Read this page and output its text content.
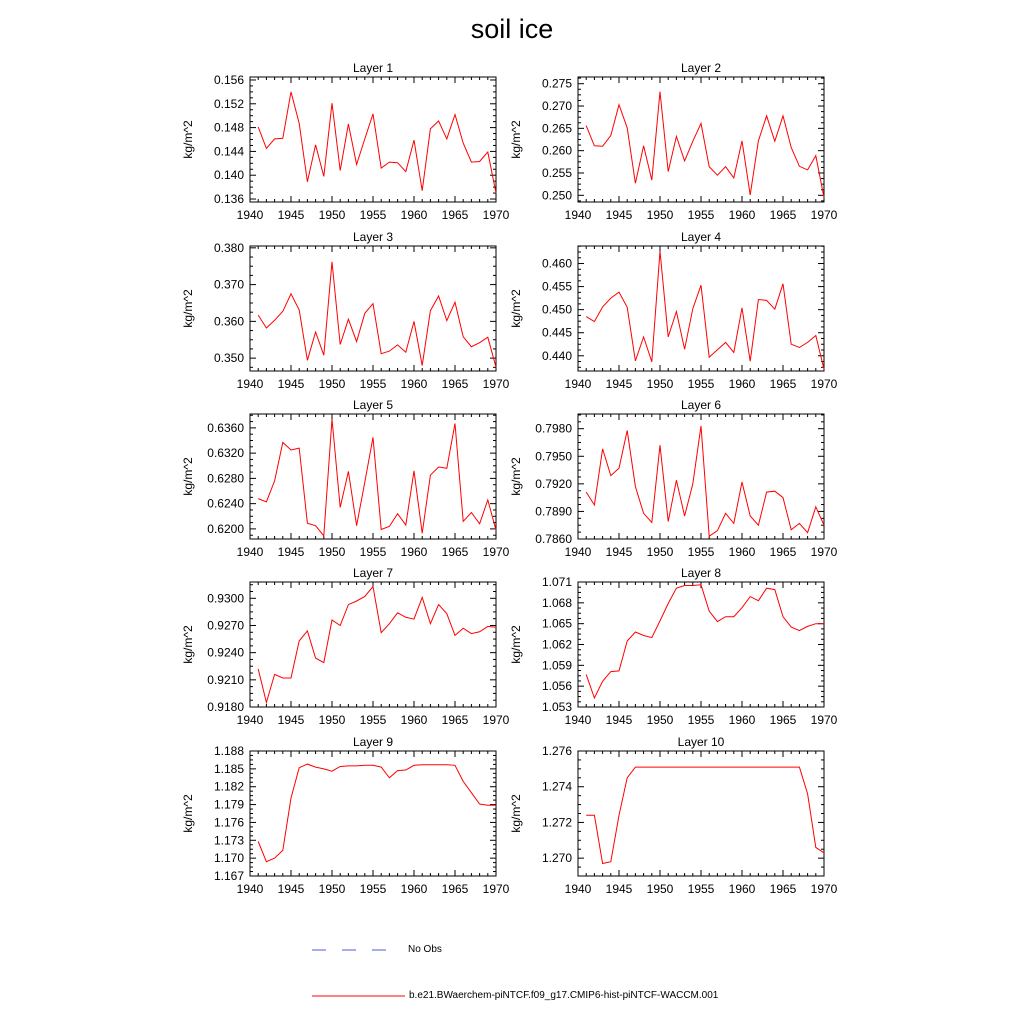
soil ice
Layer 1
kg/m^2
1940 1945 1950 1955 1960 1965 1970
0.136
0.140
0.144
0.148
0.152
0.156
Layer 2
kg/m^2
1940 1945 1950 1955 1960 1965 1970
0.250
0.255
0.260
0.265
0.270
0.275
Layer 3
kg/m^2
1940 1945 1950 1955 1960 1965 1970
0.350
0.360
0.370
0.380
Layer 4
kg/m^2
1940 1945 1950 1955 1960 1965 1970
0.440
0.445
0.450
0.455
0.460
Layer 5
kg/m^2
1940 1945 1950 1955 1960 1965 1970
0.6200
0.6240
0.6280
0.6320
0.6360
Layer 6
kg/m^2
1940 1945 1950 1955 1960 1965 1970
0.7860
0.7890
0.7920
0.7950
0.7980
Layer 7
kg/m^2
1940 1945 1950 1955 1960 1965 1970
0.9180
0.9210
0.9240
0.9270
0.9300
Layer 8
kg/m^2
1940 1945 1950 1955 1960 1965 1970
1.053
1.056
1.059
1.062
1.065
1.068
1.071
Layer 9
kg/m^2
1940 1945 1950 1955 1960 1965 1970
1.167
1.170
1.173
1.176
1.179
1.182
1.185
1.188
Layer 10
kg/m^2
1940 1945 1950 1955 1960 1965 1970
1.270
1.272
1.274
1.276
No Obs
b.e21.BWaerchem-piNTCF.f09_g17.CMIP6-hist-piNTCF-WACCM.001
